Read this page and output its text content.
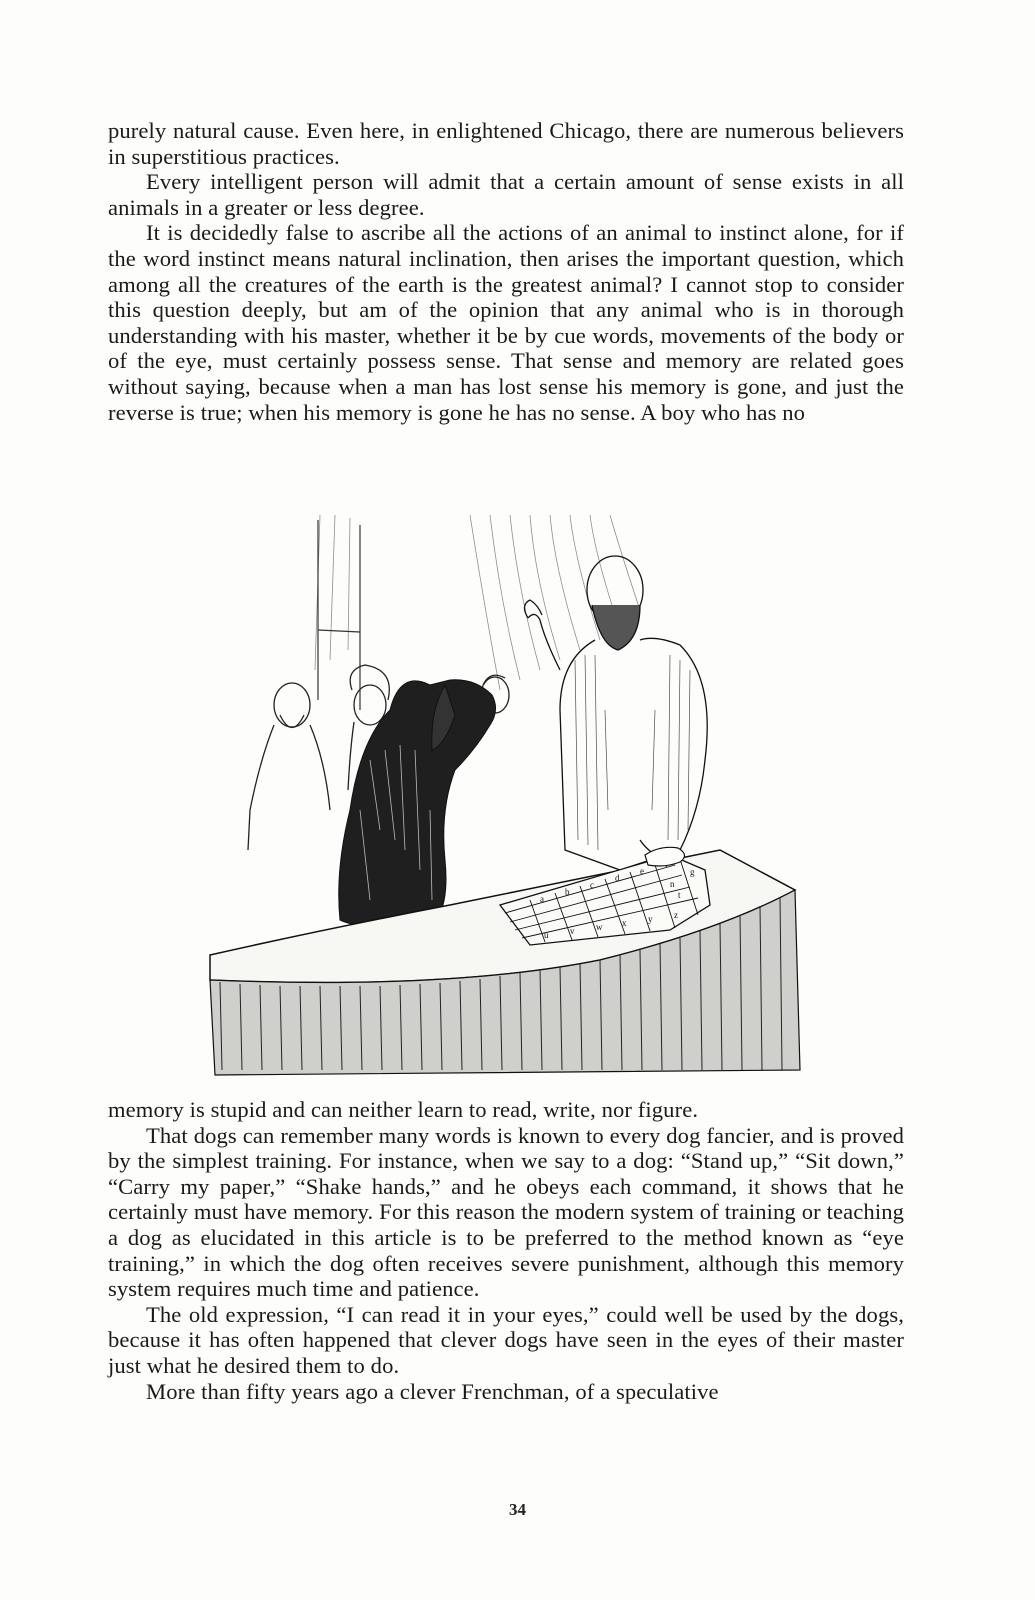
purely natural cause. Even here, in enlightened Chicago, there are numerous believers in superstitious practices.

Every intelligent person will admit that a certain amount of sense exists in all animals in a greater or less degree.

It is decidedly false to ascribe all the actions of an animal to instinct alone, for if the word instinct means natural inclination, then arises the important question, which among all the creatures of the earth is the greatest animal? I cannot stop to consider this question deeply, but am of the opinion that any animal who is in thorough understanding with his master, whether it be by cue words, movements of the body or of the eye, must certainly possess sense. That sense and memory are related goes without saying, because when a man has lost sense his memory is gone, and just the reverse is true; when his memory is gone he has no sense. A boy who has no

a
b
c
d
e	g
n
t
u v w x y z

memory is stupid and can neither learn to read, write, nor figure.

That dogs can remember many words is known to every dog fancier, and is proved by the simplest training. For instance, when we say to a dog: “Stand up,” “Sit down,” “Carry my paper,” “Shake hands,” and he obeys each command, it shows that he certainly must have memory. For this reason the modern system of training or teaching a dog as elucidated in this article is to be preferred to the method known as “eye training,” in which the dog often receives severe punishment, although this memory system requires much time and patience.

The old expression, “I can read it in your eyes,” could well be used by the dogs, because it has often happened that clever dogs have seen in the eyes of their master just what he desired them to do.

More than fifty years ago a clever Frenchman, of a speculative

34
